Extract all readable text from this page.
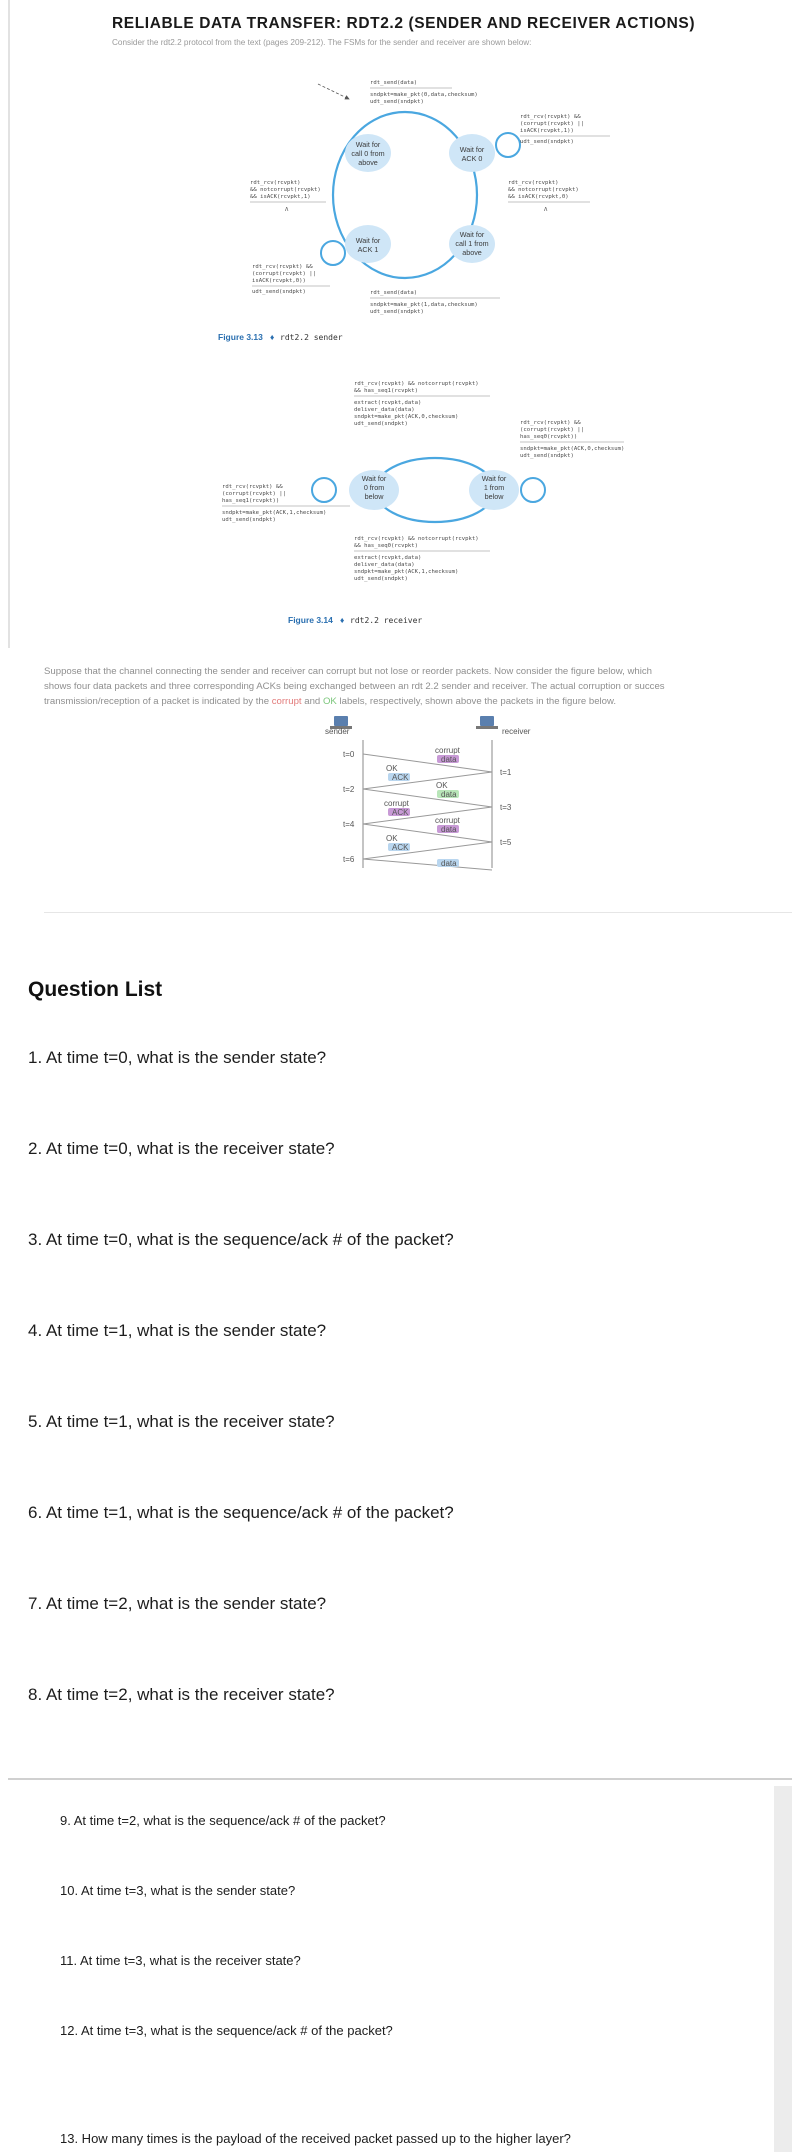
RELIABLE DATA TRANSFER: RDT2.2 (SENDER AND RECEIVER ACTIONS)
Consider the rdt2.2 protocol from the text (pages 209-212). The FSMs for the sender and receiver are shown below:
Wait for
call 0 from
above
Wait for
ACK 0
Wait for
ACK 1
Wait for
call 1 from
above
rdt_send(data)
sndpkt=make_pkt(0,data,checksum)
udt_send(sndpkt)
rdt_rcv(rcvpkt) &&
(corrupt(rcvpkt) ||
isACK(rcvpkt,1))
udt_send(sndpkt)
rdt_rcv(rcvpkt)
&& notcorrupt(rcvpkt)
&& isACK(rcvpkt,0)
Λ
rdt_rcv(rcvpkt)
&& notcorrupt(rcvpkt)
&& isACK(rcvpkt,1)
Λ
rdt_rcv(rcvpkt) &&
(corrupt(rcvpkt) ||
isACK(rcvpkt,0))
udt_send(sndpkt)	rdt_send(data)
sndpkt=make_pkt(1,data,checksum)
udt_send(sndpkt)
Figure 3.13 ♦ rdt2.2 sender
Wait for
0 from
below
Wait for
1 from
below
rdt_rcv(rcvpkt) && notcorrupt(rcvpkt)
&& has_seq1(rcvpkt)
extract(rcvpkt,data)
deliver_data(data)
sndpkt=make_pkt(ACK,0,checksum)
udt_send(sndpkt)	rdt_rcv(rcvpkt) &&
(corrupt(rcvpkt) ||
has_seq0(rcvpkt))
sndpkt=make_pkt(ACK,0,checksum)
udt_send(sndpkt)
rdt_rcv(rcvpkt) &&
(corrupt(rcvpkt) ||
has_seq1(rcvpkt))
sndpkt=make_pkt(ACK,1,checksum)
udt_send(sndpkt)
rdt_rcv(rcvpkt) && notcorrupt(rcvpkt)
&& has_seq0(rcvpkt)
extract(rcvpkt,data)
deliver_data(data)
sndpkt=make_pkt(ACK,1,checksum)
udt_send(sndpkt)
Figure 3.14 ♦ rdt2.2 receiver
Suppose that the channel connecting the sender and receiver can corrupt but not lose or reorder packets. Now consider the figure below, which
shows four data packets and three corresponding ACKs being exchanged between an rdt 2.2 sender and receiver. The actual corruption or succes
transmission/reception of a packet is indicated by the corrupt and OK labels, respectively, shown above the packets in the figure below.
sender	receiver
t=0
t=2
t=4
t=6
t=1
t=3
t=5
data
ACK
data
ACK
data
ACK
data
corrupt
OK
OK
corrupt
corrupt
OK
Question List
1. At time t=0, what is the sender state?
2. At time t=0, what is the receiver state?
3. At time t=0, what is the sequence/ack # of the packet?
4. At time t=1, what is the sender state?
5. At time t=1, what is the receiver state?
6. At time t=1, what is the sequence/ack # of the packet?
7. At time t=2, what is the sender state?
8. At time t=2, what is the receiver state?
9. At time t=2, what is the sequence/ack # of the packet?
10. At time t=3, what is the sender state?
11. At time t=3, what is the receiver state?
12. At time t=3, what is the sequence/ack # of the packet?
13. How many times is the payload of the received packet passed up to the higher layer?
